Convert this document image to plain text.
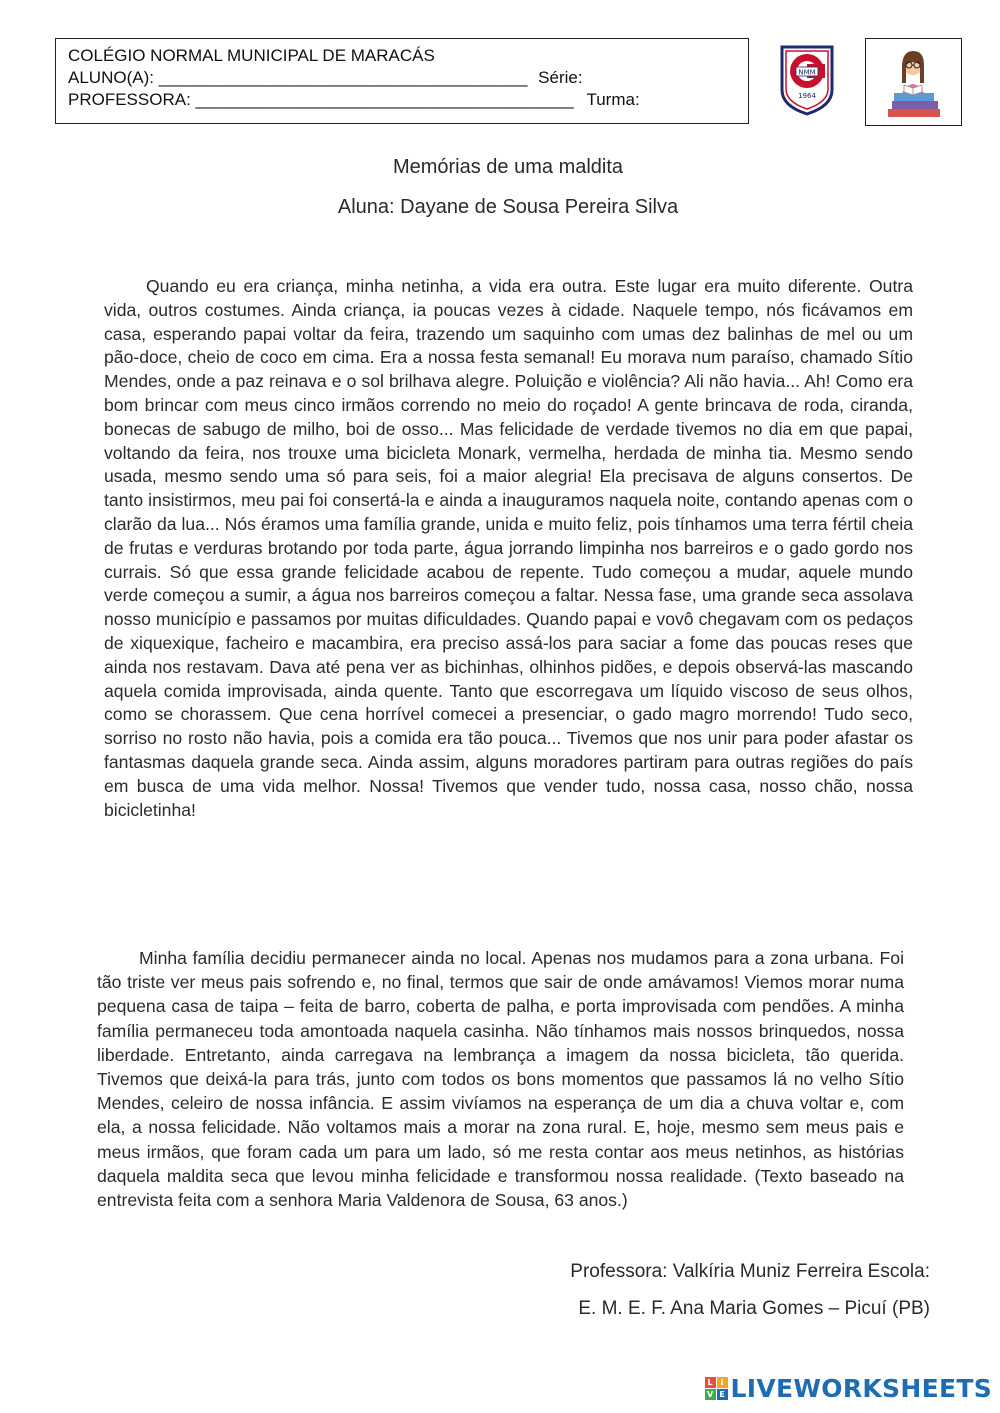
COLÉGIO NORMAL MUNICIPAL DE MARACÁS
ALUNO(A): _______________________________________ Série:
PROFESSORA: ________________________________________ Turma:
NMM
1964
Memórias de uma maldita
Aluna: Dayane de Sousa Pereira Silva
Quando eu era criança, minha netinha, a vida era outra. Este lugar era muito diferente. Outra vida, outros costumes. Ainda criança, ia poucas vezes à cidade. Naquele tempo, nós ficávamos em casa, esperando papai voltar da feira, trazendo um saquinho com umas dez balinhas de mel ou um pão-doce, cheio de coco em cima. Era a nossa festa semanal! Eu morava num paraíso, chamado Sítio Mendes, onde a paz reinava e o sol brilhava alegre. Poluição e violência? Ali não havia... Ah! Como era bom brincar com meus cinco irmãos correndo no meio do roçado! A gente brincava de roda, ciranda, bonecas de sabugo de milho, boi de osso... Mas felicidade de verdade tivemos no dia em que papai, voltando da feira, nos trouxe uma bicicleta Monark, vermelha, herdada de minha tia. Mesmo sendo usada, mesmo sendo uma só para seis, foi a maior alegria! Ela precisava de alguns consertos. De tanto insistirmos, meu pai foi consertá-la e ainda a inauguramos naquela noite, contando apenas com o clarão da lua... Nós éramos uma família grande, unida e muito feliz, pois tínhamos uma terra fértil cheia de frutas e verduras brotando por toda parte, água jorrando limpinha nos barreiros e o gado gordo nos currais. Só que essa grande felicidade acabou de repente. Tudo começou a mudar, aquele mundo verde começou a sumir, a água nos barreiros começou a faltar. Nessa fase, uma grande seca assolava nosso município e passamos por muitas dificuldades. Quando papai e vovô chegavam com os pedaços de xiquexique, facheiro e macambira, era preciso assá-los para saciar a fome das poucas reses que ainda nos restavam. Dava até pena ver as bichinhas, olhinhos pidões, e depois observá-las mascando aquela comida improvisada, ainda quente. Tanto que escorregava um líquido viscoso de seus olhos, como se chorassem. Que cena horrível comecei a presenciar, o gado magro morrendo! Tudo seco, sorriso no rosto não havia, pois a comida era tão pouca... Tivemos que nos unir para poder afastar os fantasmas daquela grande seca. Ainda assim, alguns moradores partiram para outras regiões do país em busca de uma vida melhor. Nossa! Tivemos que vender tudo, nossa casa, nosso chão, nossa bicicletinha!
Minha família decidiu permanecer ainda no local. Apenas nos mudamos para a zona urbana. Foi tão triste ver meus pais sofrendo e, no final, termos que sair de onde amávamos! Viemos morar numa pequena casa de taipa – feita de barro, coberta de palha, e porta improvisada com pendões. A minha família permaneceu toda amontoada naquela casinha. Não tínhamos mais nossos brinquedos, nossa liberdade. Entretanto, ainda carregava na lembrança a imagem da nossa bicicleta, tão querida. Tivemos que deixá-la para trás, junto com todos os bons momentos que passamos lá no velho Sítio Mendes, celeiro de nossa infância. E assim vivíamos na esperança de um dia a chuva voltar e, com ela, a nossa felicidade. Não voltamos mais a morar na zona rural. E, hoje, mesmo sem meus pais e meus irmãos, que foram cada um para um lado, só me resta contar aos meus netinhos, as histórias daquela maldita seca que levou minha felicidade e transformou nossa realidade. (Texto baseado na entrevista feita com a senhora Maria Valdenora de Sousa, 63 anos.)
Professora: Valkíria Muniz Ferreira Escola:
E. M. E. F. Ana Maria Gomes – Picuí (PB)
L I
V E LIVEWORKSHEETS
